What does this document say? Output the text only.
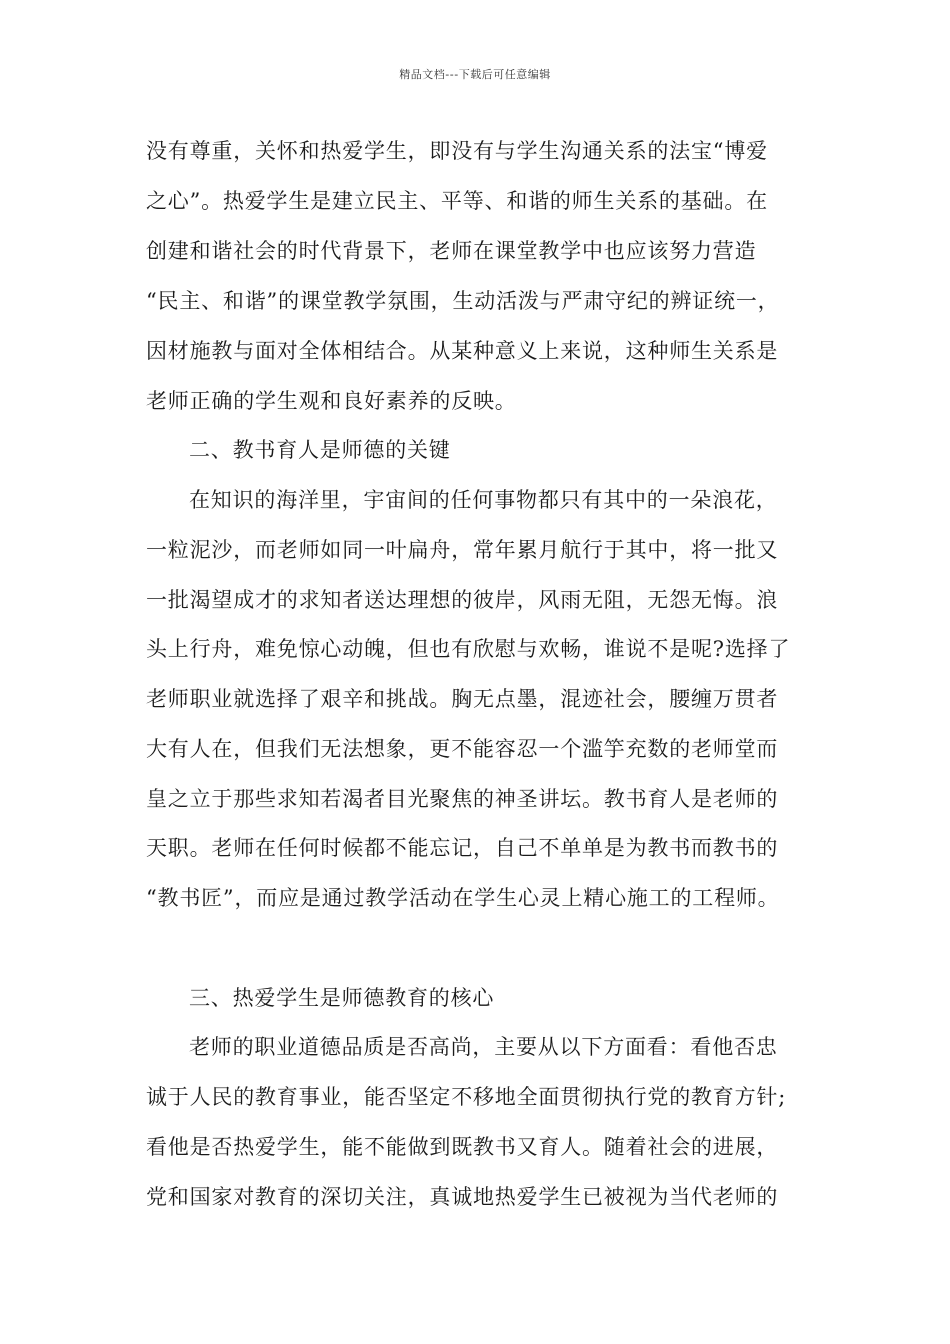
精品文档---下载后可任意编辑
没有尊重，关怀和热爱学生，即没有与学生沟通关系的法宝“博爱
之心”。热爱学生是建立民主、平等、和谐的师生关系的基础。在
创建和谐社会的时代背景下，老师在课堂教学中也应该努力营造
“民主、和谐”的课堂教学氛围，生动活泼与严肃守纪的辨证统一，
因材施教与面对全体相结合。从某种意义上来说，这种师生关系是
老师正确的学生观和良好素养的反映。
二、教书育人是师德的关键
在知识的海洋里，宇宙间的任何事物都只有其中的一朵浪花，
一粒泥沙，而老师如同一叶扁舟，常年累月航行于其中，将一批又
一批渴望成才的求知者送达理想的彼岸，风雨无阻，无怨无悔。浪
头上行舟，难免惊心动魄，但也有欣慰与欢畅，谁说不是呢?选择了
老师职业就选择了艰辛和挑战。胸无点墨，混迹社会，腰缠万贯者
大有人在，但我们无法想象，更不能容忍一个滥竽充数的老师堂而
皇之立于那些求知若渴者目光聚焦的神圣讲坛。教书育人是老师的
天职。老师在任何时候都不能忘记，自己不单单是为教书而教书的
“教书匠”，而应是通过教学活动在学生心灵上精心施工的工程师。
三、热爱学生是师德教育的核心
老师的职业道德品质是否高尚，主要从以下方面看：看他否忠
诚于人民的教育事业，能否坚定不移地全面贯彻执行党的教育方针;
看他是否热爱学生，能不能做到既教书又育人。随着社会的进展，
党和国家对教育的深切关注，真诚地热爱学生已被视为当代老师的
